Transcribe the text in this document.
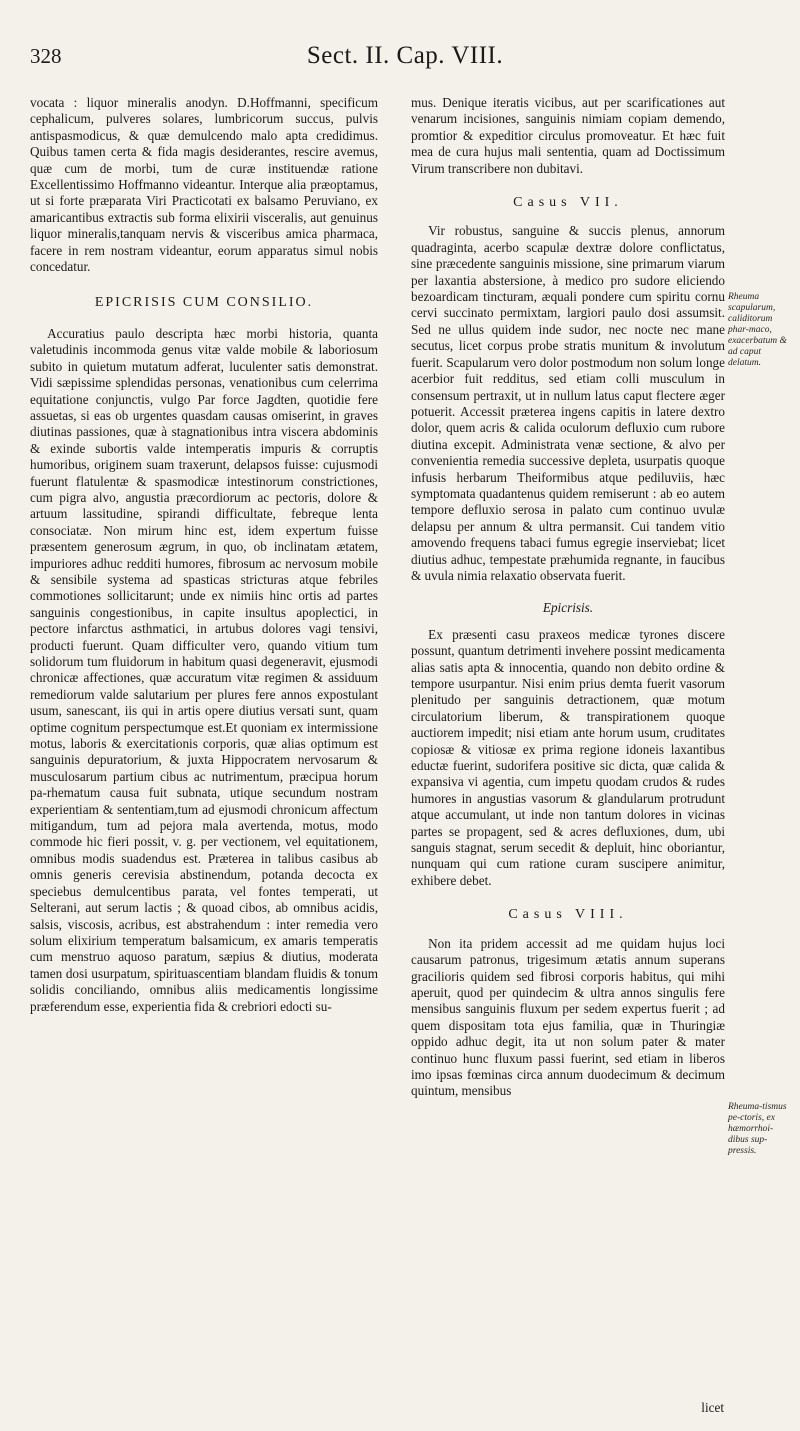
328	Sect. II. Cap. VIII.

vocata : liquor mineralis anodyn. D.Hoffmanni, specificum cephalicum, pulveres solares, lumbricorum succus, pulvis antispasmodicus, & quæ demulcendo malo apta credidimus. Quibus tamen certa & fida magis desiderantes, rescire avemus, quæ cum de morbi, tum de curæ instituendæ ratione Excellentissimo Hoffmanno videantur. Interque alia præoptamus, ut si forte præparata Viri Practicotati ex balsamo Peruviano, ex amaricantibus extractis sub forma elixirii visceralis, aut genuinus liquor mineralis,tanquam nervis & visceribus amica pharmaca, facere in rem nostram videantur, eorum apparatus simul nobis concedatur.

EPICRISIS CUM CONSILIO.

Accuratius paulo descripta hæc morbi historia, quanta valetudinis incommoda genus vitæ valde mobile & laboriosum subito in quietum mutatum adferat, luculenter satis demonstrat. Vidi sæpissime splendidas personas, venationibus cum celerrima equitatione conjunctis, vulgo Par force Jagdten, quotidie fere assuetas, si eas ob urgentes quasdam causas omiserint, in graves diutinas passiones, quæ à stagnationibus intra viscera abdominis & exinde subortis valde intemperatis impuris & corruptis humoribus, originem suam traxerunt, delapsos fuisse: cujusmodi fuerunt flatulentæ & spasmodicæ intestinorum constrictiones, cum pigra alvo, angustia præcordiorum ac pectoris, dolore & artuum lassitudine, spirandi difficultate, febreque lenta consociatæ. Non mirum hinc est, idem expertum fuisse præsentem generosum ægrum, in quo, ob inclinatam ætatem, impuriores adhuc redditi humores, fibrosum ac nervosum mobile & sensibile systema ad spasticas stricturas atque febriles commotiones sollicitarunt; unde ex nimiis hinc ortis ad partes sanguinis congestionibus, in capite insultus apoplectici, in pectore infarctus asthmatici, in artubus dolores vagi tensivi, producti fuerunt. Quam difficulter vero, quando vitium tum solidorum tum fluidorum in habitum quasi degeneravit, ejusmodi chronicæ affectiones, quæ accuratum vitæ regimen & assiduum remediorum valde salutarium per plures fere annos expostulant usum, sanescant, iis qui in artis opere diutius versati sunt, quam optime cognitum perspectumque est.Et quoniam ex intermissione motus, laboris & exercitationis corporis, quæ alias optimum est sanguinis depuratorium, & juxta Hippocratem nervosarum & musculosarum partium cibus ac nutrimentum, præcipua horum pa-rhematum causa fuit subnata, utique secundum nostram experientiam & sententiam,tum ad ejusmodi chronicum affectum mitigandum, tum ad pejora mala avertenda, motus, modo commode hic fieri possit, v. g. per vectionem, vel equitationem, omnibus modis suadendus est. Præterea in talibus casibus ab omnis generis cerevisia abstinendum, potanda decocta ex speciebus demulcentibus parata, vel fontes temperati, ut Selterani, aut serum lactis ; & quoad cibos, ab omnibus acidis, salsis, viscosis, acribus, est abstrahendum : inter remedia vero solum elixirium temperatum balsamicum, ex amaris temperatis cum menstruo aquoso paratum, sæpius & diutius, moderata tamen dosi usurpatum, spirituascentiam blandam fluidis & tonum solidis conciliando, omnibus aliis medicamentis longissime præferendum esse, experientia fida & crebriori edocti su-

mus. Denique iteratis vicibus, aut per scarificationes aut venarum incisiones, sanguinis nimiam copiam demendo, promtior & expeditior circulus promoveatur. Et hæc fuit mea de cura hujus mali sententia, quam ad Doctissimum Virum transcribere non dubitavi.

Casus VII.

Vir robustus, sanguine & succis plenus, annorum quadraginta, acerbo scapulæ dextræ dolore conflictatus, sine præcedente sanguinis missione, sine primarum viarum per laxantia abstersione, à medico pro sudore eliciendo bezoardicam tincturam, æquali pondere cum spiritu cornu cervi succinato permixtam, largiori paulo dosi assumsit. Sed ne ullus quidem inde sudor, nec nocte nec mane secutus, licet corpus probe stratis munitum & involutum fuerit. Scapularum vero dolor postmodum non solum longe acerbior fuit redditus, sed etiam colli musculum in consensum pertraxit, ut in nullum latus caput flectere æger potuerit. Accessit præterea ingens capitis in latere dextro dolor, quem acris & calida oculorum defluxio cum rubore diutina excepit. Administrata venæ sectione, & alvo per convenientia remedia successive depleta, usurpatis quoque infusis herbarum Theiformibus atque pediluviis, hæc symptomata quadantenus quidem remiserunt : ab eo autem tempore defluxio serosa in palato cum continuo uvulæ delapsu per annum & ultra permansit. Cui tandem vitio amovendo frequens tabaci fumus egregie inserviebat; licet diutius adhuc, tempestate præhumida regnante, in faucibus & uvula nimia relaxatio observata fuerit.

Epicrisis.

Ex præsenti casu praxeos medicæ tyrones discere possunt, quantum detrimenti invehere possint medicamenta alias satis apta & innocentia, quando non debito ordine & tempore usurpantur. Nisi enim prius demta fuerit vasorum plenitudo per sanguinis detractionem, quæ motum circulatorium liberum, & transpirationem quoque auctiorem impedit; nisi etiam ante horum usum, cruditates copiosæ & vitiosæ ex prima regione idoneis laxantibus eductæ fuerint, sudorifera positive sic dicta, quæ calida & expansiva vi agentia, cum impetu quodam crudos & rudes humores in angustias vasorum & glandularum protrudunt atque accumulant, ut inde non tantum dolores in vicinas partes se propagent, sed & acres defluxiones, dum, ubi sanguis stagnat, serum secedit & depluit, hinc oboriantur, nunquam qui cum ratione curam suscipere animitur, exhibere debet.

Casus VIII.

Non ita pridem accessit ad me quidam hujus loci causarum patronus, trigesimum ætatis annum superans gracilioris quidem sed fibrosi corporis habitus, qui mihi aperuit, quod per quindecim & ultra annos singulis fere mensibus sanguinis fluxum per sedem expertus fuerit ; ad quem dispositam tota ejus familia, quæ in Thuringiæ oppido adhuc degit, ita ut non solum pater & mater continuo hunc fluxum passi fuerint, sed etiam in liberos imo ipsas fœminas circa annum duodecimum & decimum quintum, mensibus

Rheuma scapularum, caliditorum phar-maco, exacerbatum & ad caput delatum.
Rheuma-tismus pe-ctoris, ex hæmorrhoi-dibus sup-pressis.
licet
